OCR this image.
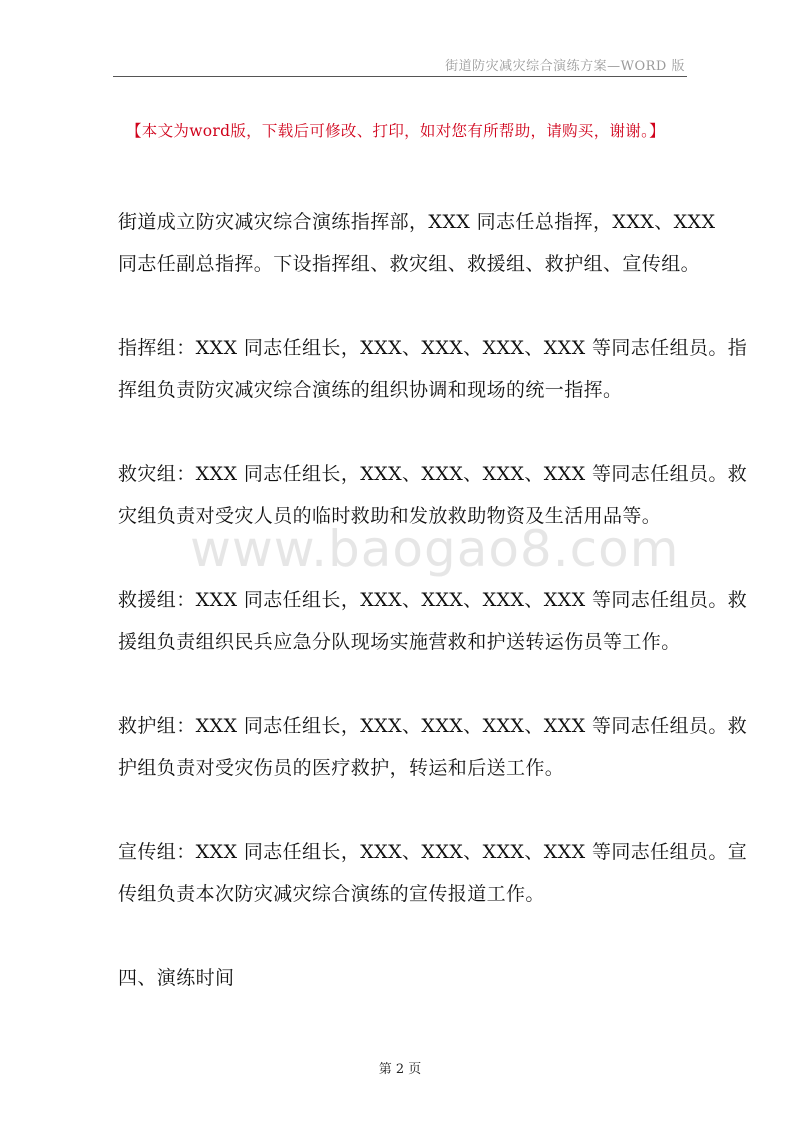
街道防灾减灾综合演练方案—WORD 版
【本文为word版，下载后可修改、打印，如对您有所帮助，请购买，谢谢。】
www.baogao8.com

街道成立防灾减灾综合演练指挥部，XXX 同志任总指挥，XXX、XXX
同志任副总指挥。下设指挥组、救灾组、救援组、救护组、宣传组。

指挥组：XXX 同志任组长，XXX、XXX、XXX、XXX 等同志任组员。指
挥组负责防灾减灾综合演练的组织协调和现场的统一指挥。

救灾组：XXX 同志任组长，XXX、XXX、XXX、XXX 等同志任组员。救
灾组负责对受灾人员的临时救助和发放救助物资及生活用品等。

救援组：XXX 同志任组长，XXX、XXX、XXX、XXX 等同志任组员。救
援组负责组织民兵应急分队现场实施营救和护送转运伤员等工作。

救护组：XXX 同志任组长，XXX、XXX、XXX、XXX 等同志任组员。救
护组负责对受灾伤员的医疗救护，转运和后送工作。

宣传组：XXX 同志任组长，XXX、XXX、XXX、XXX 等同志任组员。宣
传组负责本次防灾减灾综合演练的宣传报道工作。

四、演练时间
第 2 页
